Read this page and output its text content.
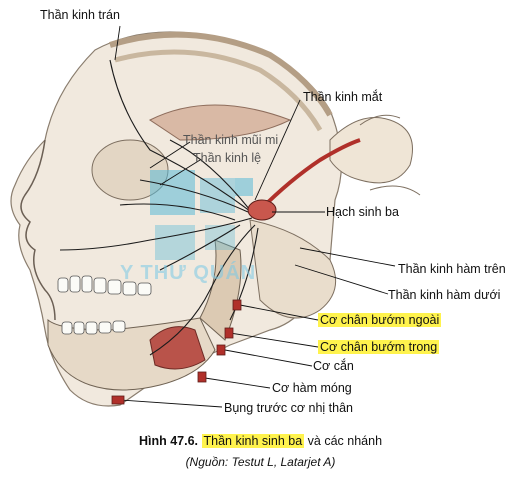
Y THƯ QUÁN
Thần kinh trán
Thần kinh mũi mi
Thần kinh lệ
Thần kinh mắt
Hạch sinh ba
Thần kinh hàm trên
Thần kinh hàm dưới
Cơ chân bướm ngoài
Cơ chân bướm trong
Cơ cắn
Cơ hàm móng
Bụng trước cơ nhị thân
Hình 47.6. Thần kinh sinh ba và các nhánh
(Nguồn: Testut L, Latarjet A)
